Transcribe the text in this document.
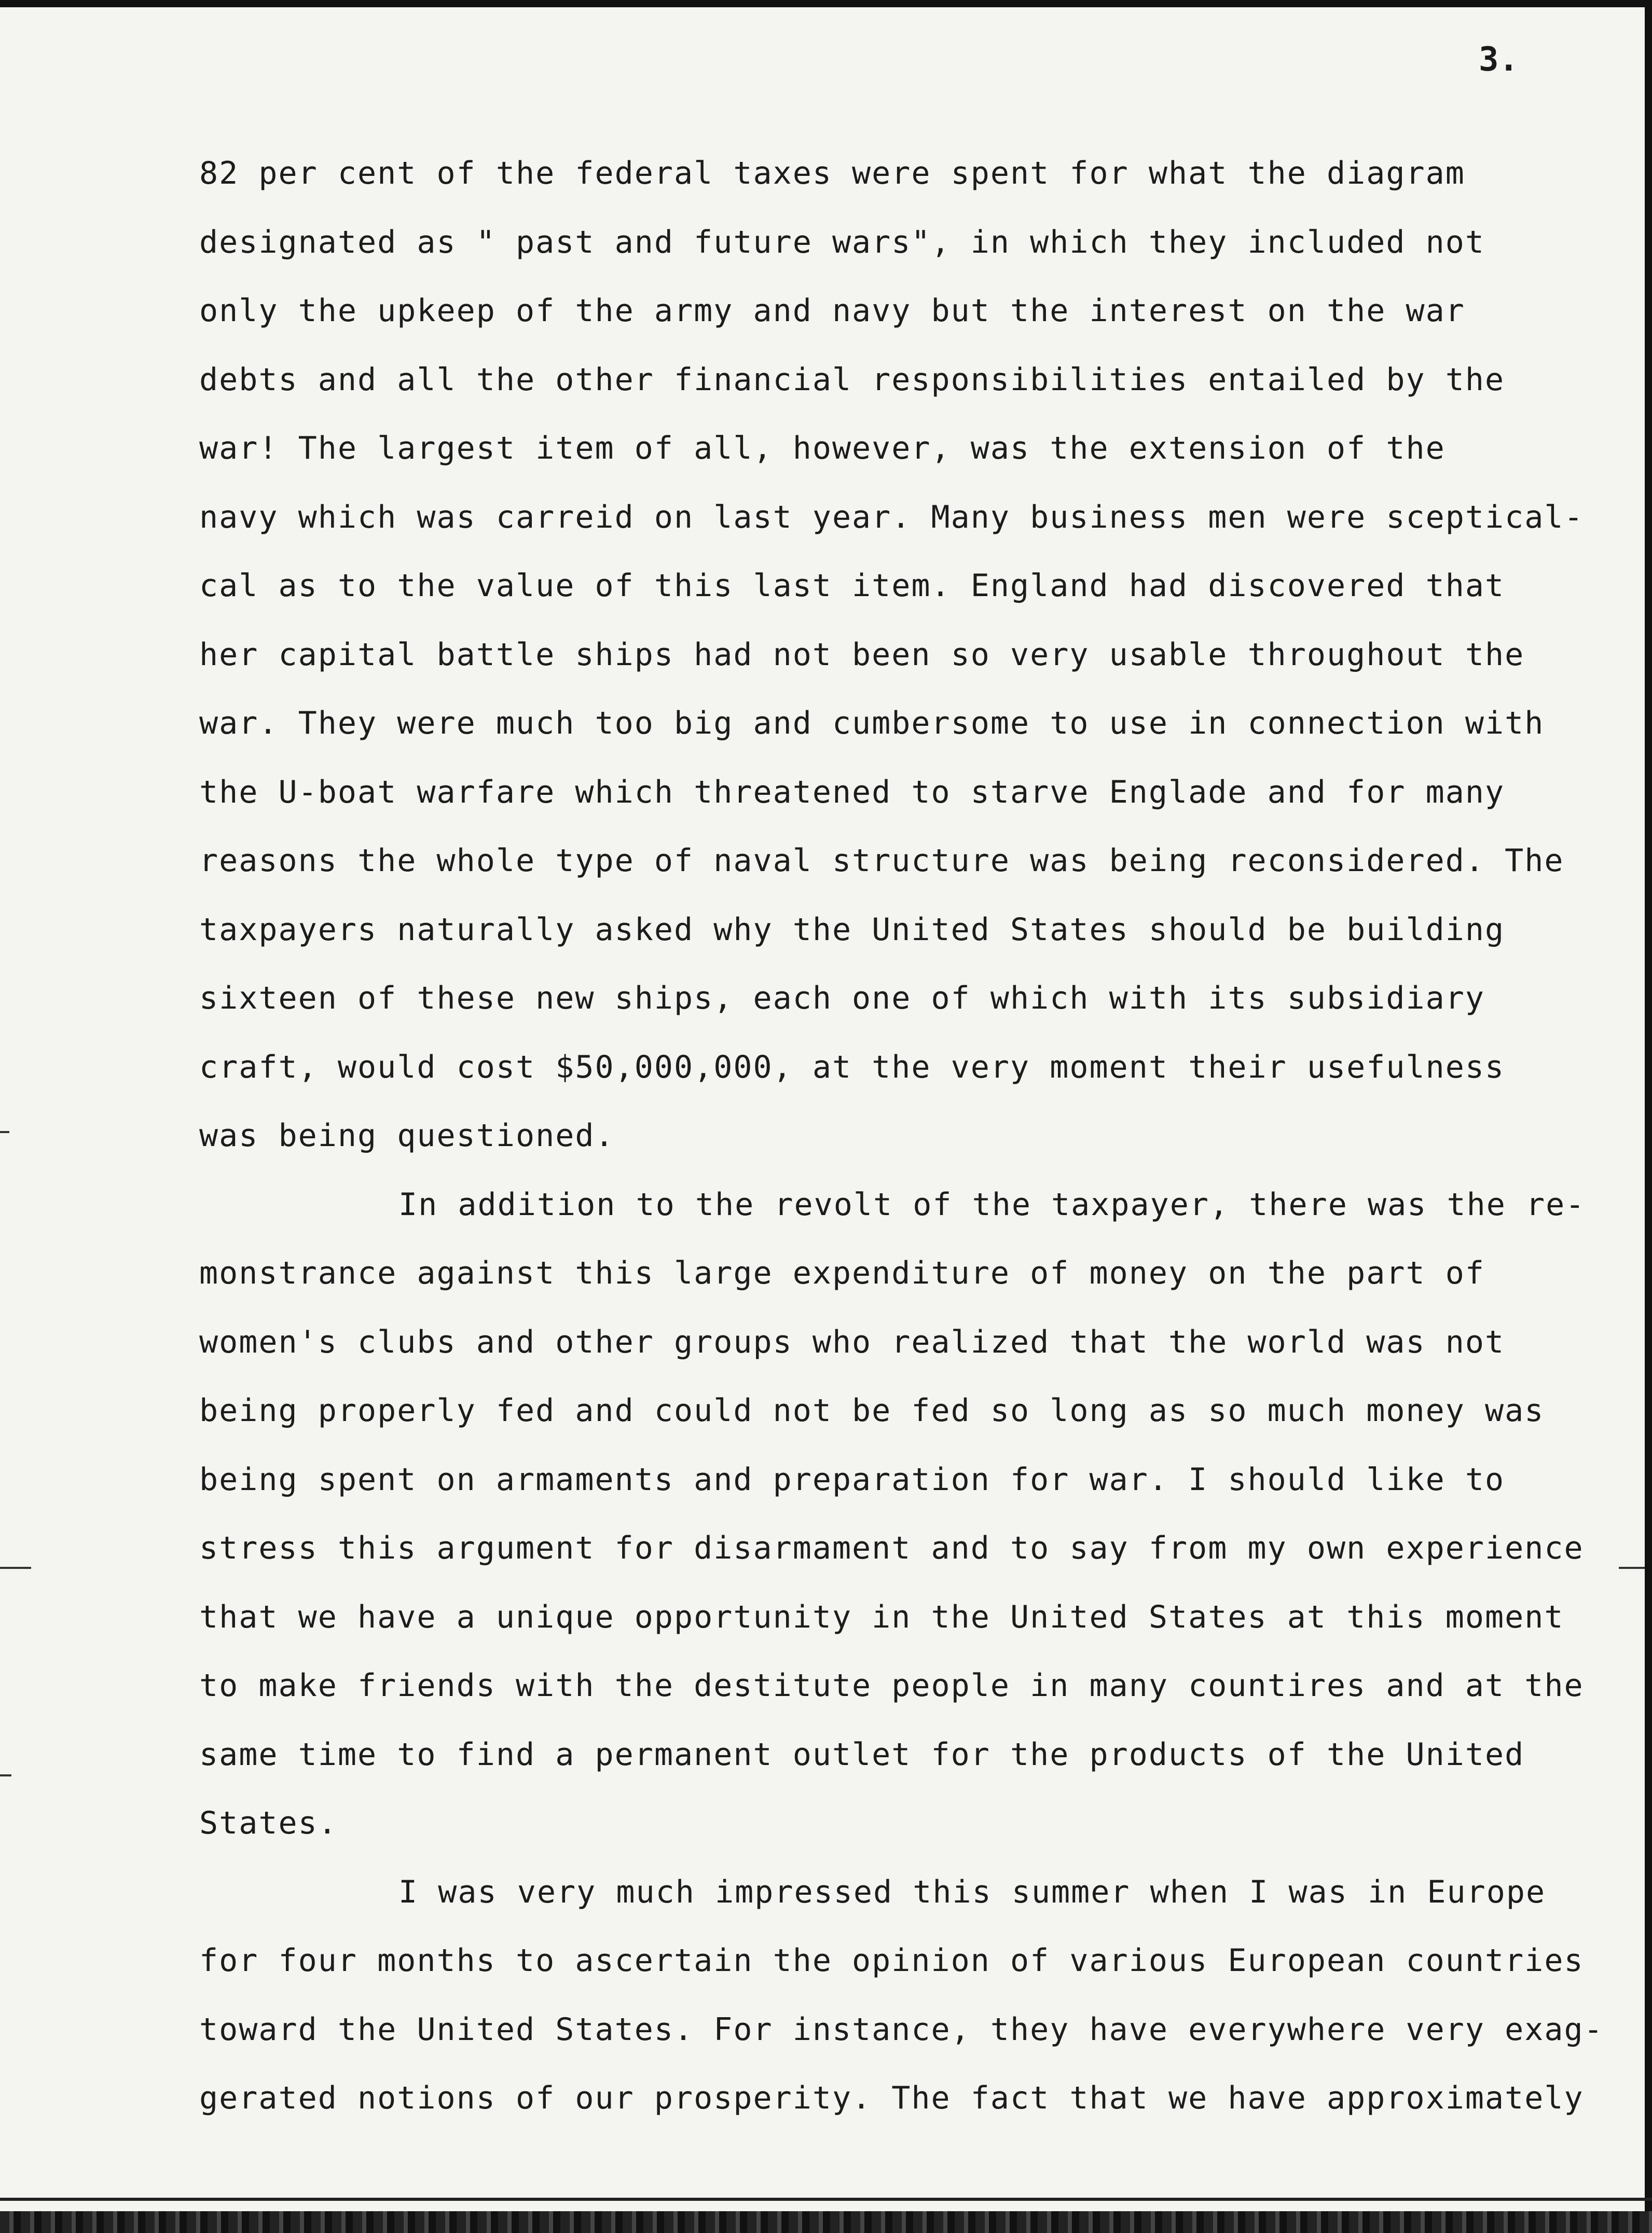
3.
82 per cent of the federal taxes were spent for what the diagram
designated as " past and future wars", in which they included not
only the upkeep of the army and navy but the interest on the war
debts and all the other financial responsibilities entailed by the
war! The largest item of all, however, was the extension of the
navy which was carreid on last year. Many business men were sceptical-
cal as to the value of this last item. England had discovered that
her capital battle ships had not been so very usable throughout the
war. They were much too big and cumbersome to use in connection with
the U-boat warfare which threatened to starve Englade and for many
reasons the whole type of naval structure was being reconsidered. The
taxpayers naturally asked why the United States should be building
sixteen of these new ships, each one of which with its subsidiary
craft, would cost $50,000,000, at the very moment their usefulness
was being questioned.
In addition to the revolt of the taxpayer, there was the re-
monstrance against this large expenditure of money on the part of
women's clubs and other groups who realized that the world was not
being properly fed and could not be fed so long as so much money was
being spent on armaments and preparation for war. I should like to
stress this argument for disarmament and to say from my own experience
that we have a unique opportunity in the United States at this moment
to make friends with the destitute people in many countires and at the
same time to find a permanent outlet for the products of the United
States.
I was very much impressed this summer when I was in Europe
for four months to ascertain the opinion of various European countries
toward the United States. For instance, they have everywhere very exag-
gerated notions of our prosperity. The fact that we have approximately
